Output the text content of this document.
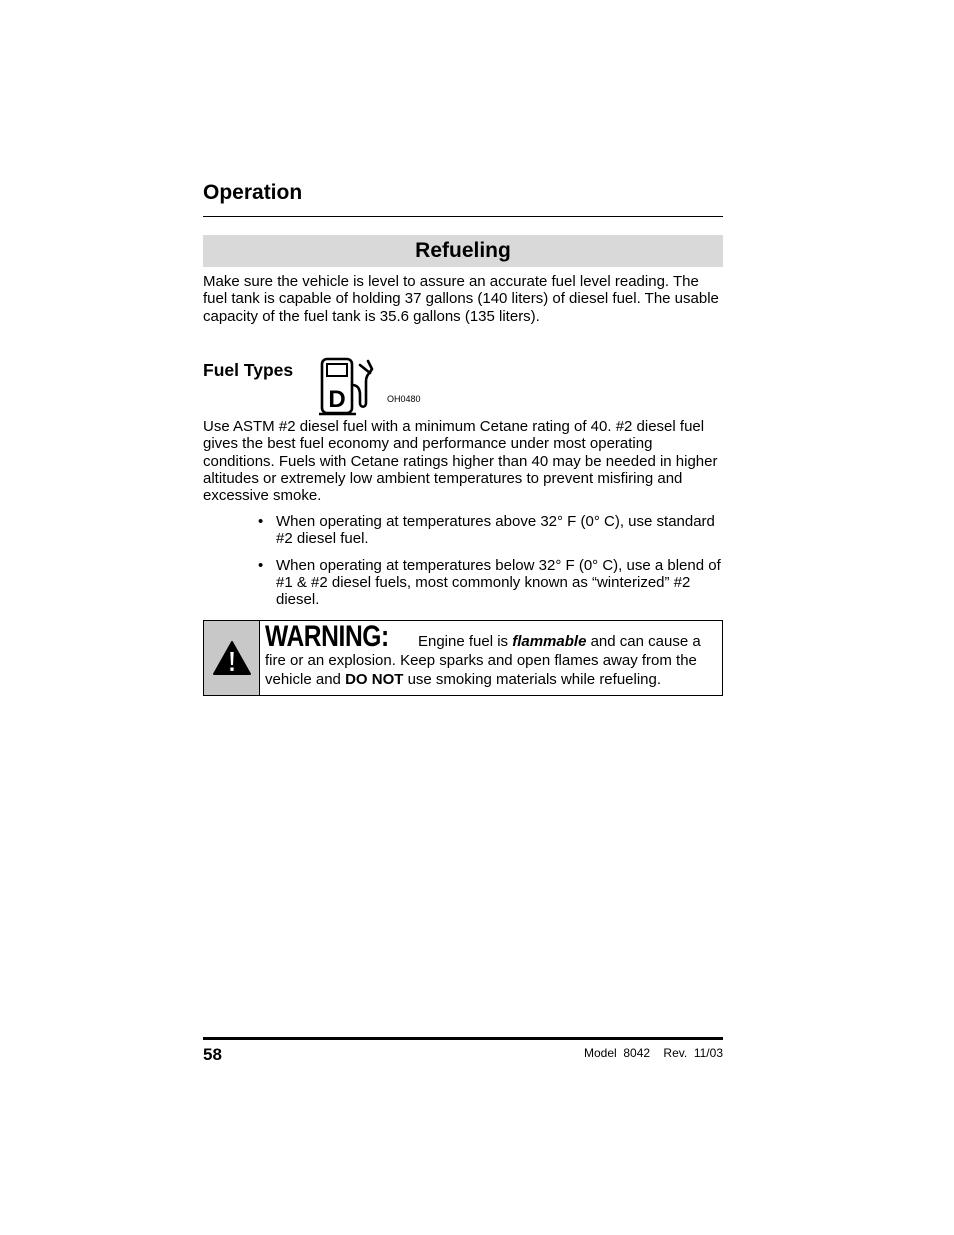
Operation
Refueling

Make sure the vehicle is level to assure an accurate fuel level reading. The fuel tank is capable of holding 37 gallons (140 liters) of diesel fuel. The usable capacity of the fuel tank is 35.6 gallons (135 liters).

Fuel Types
D	OH0480

Use ASTM #2 diesel fuel with a minimum Cetane rating of 40. #2 diesel fuel gives the best fuel economy and performance under most operating conditions. Fuels with Cetane ratings higher than 40 may be needed in higher altitudes or extremely low ambient temperatures to prevent misfiring and excessive smoke.

• When operating at temperatures above 32° F (0° C), use standard #2 diesel fuel.
• When operating at temperatures below 32° F (0° C), use a blend of #1 & #2 diesel fuels, most commonly known as “winterized” #2 diesel.
WARNING: Engine fuel is flammable and can cause a fire or an explosion. Keep sparks and open flames away from the vehicle and DO NOT use smoking materials while refueling.
58	Model  8042    Rev.  11/03
